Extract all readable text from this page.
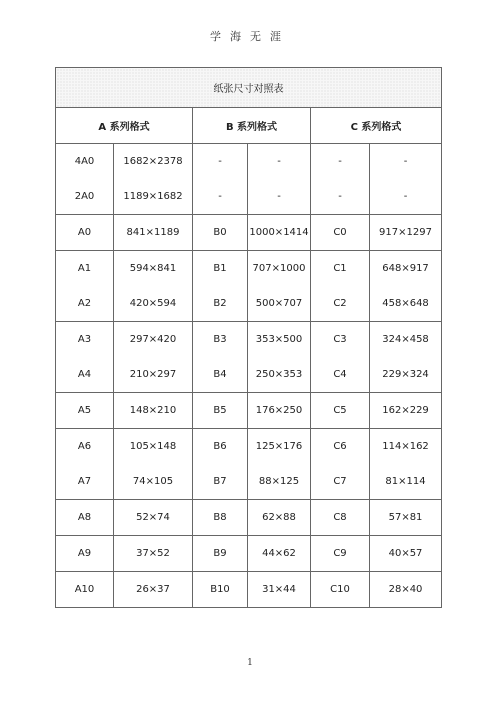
学海无涯
纸张尺寸对照表					
A 系列格式		B 系列格式		C 系列格式	
4A0	1682×2378	-	-	-	-
2A0	1189×1682	-	-	-	-
A0	841×1189	B0	1000×1414	C0	917×1297
A1	594×841	B1	707×1000	C1	648×917
A2	420×594	B2	500×707	C2	458×648
A3	297×420	B3	353×500	C3	324×458
A4	210×297	B4	250×353	C4	229×324
A5	148×210	B5	176×250	C5	162×229
A6	105×148	B6	125×176	C6	114×162
A7	74×105	B7	88×125	C7	81×114
A8	52×74	B8	62×88	C8	57×81
A9	37×52	B9	44×62	C9	40×57
A10	26×37	B10	31×44	C10	28×40
1
